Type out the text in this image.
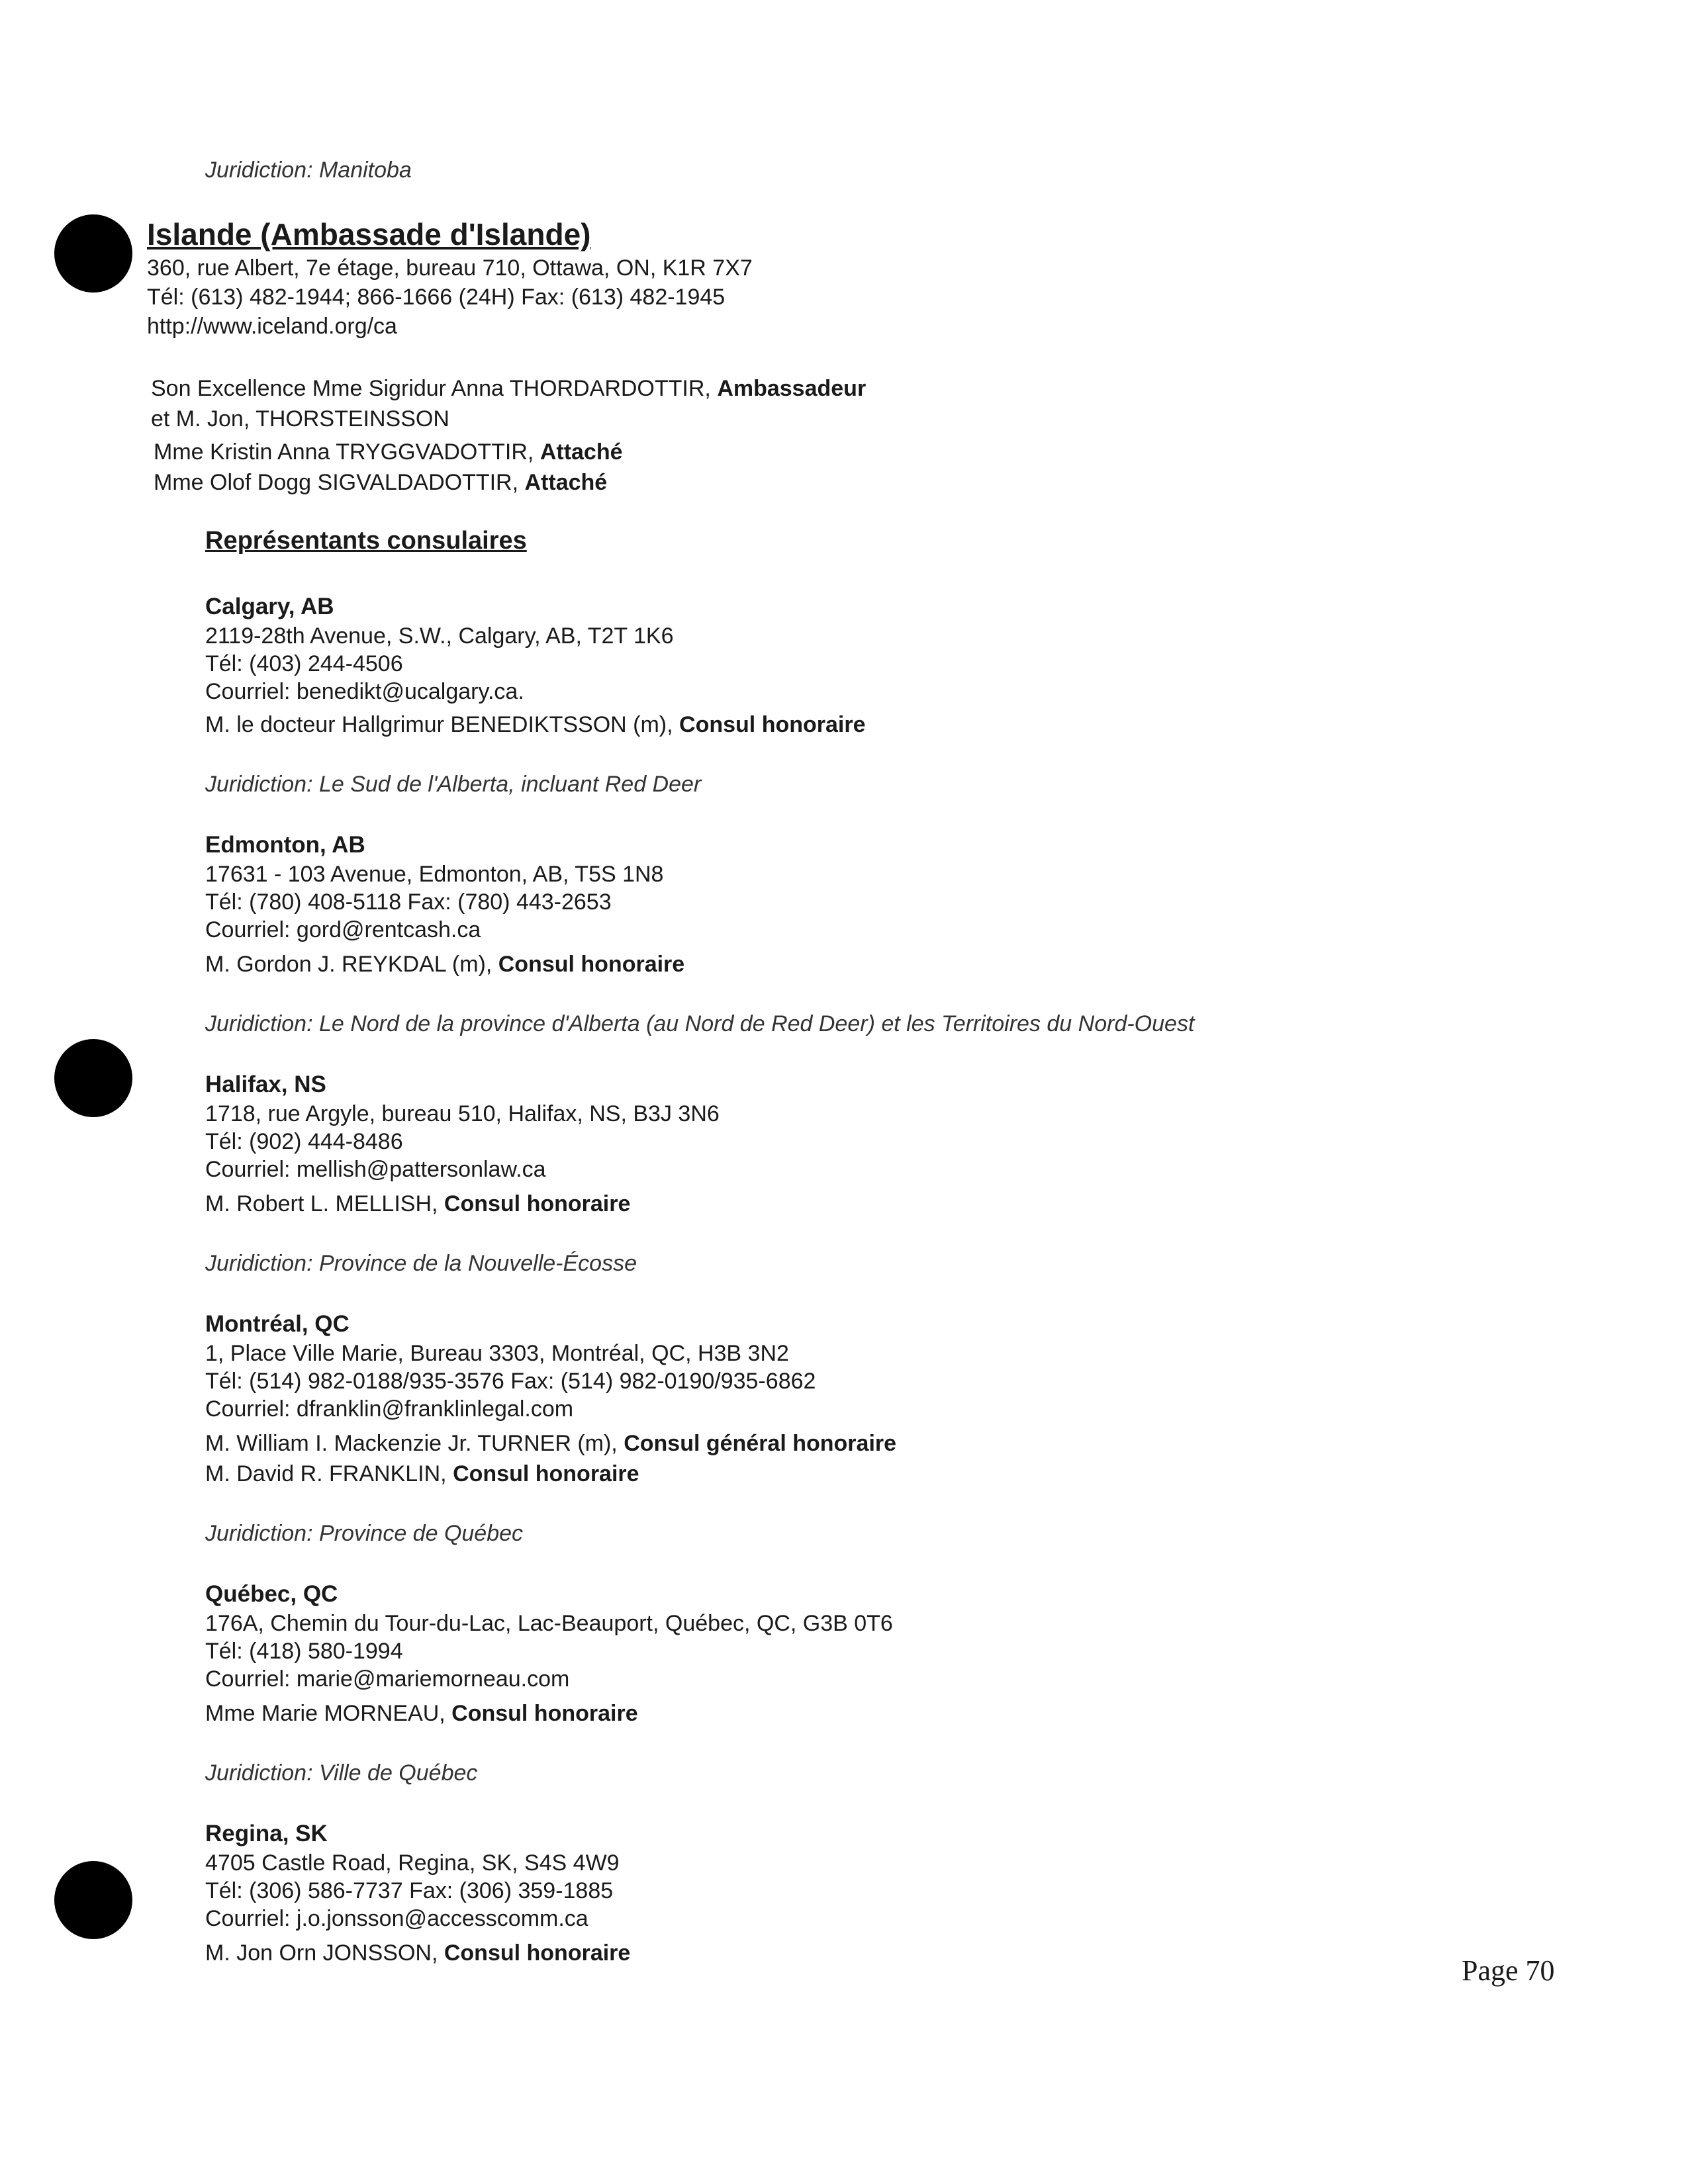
Juridiction: Manitoba
Islande (Ambassade d'Islande)
360, rue Albert, 7e étage, bureau 710, Ottawa, ON, K1R 7X7
Tél: (613) 482-1944; 866-1666 (24H) Fax: (613) 482-1945
http://www.iceland.org/ca
Son Excellence Mme Sigridur Anna THORDARDOTTIR, Ambassadeur
et M. Jon, THORSTEINSSON
Mme Kristin Anna TRYGGVADOTTIR, Attaché
Mme Olof Dogg SIGVALDADOTTIR, Attaché
Représentants consulaires
Calgary, AB
2119-28th Avenue, S.W., Calgary, AB, T2T 1K6
Tél: (403) 244-4506
Courriel: benedikt@ucalgary.ca.
M. le docteur Hallgrimur BENEDIKTSSON (m), Consul honoraire
Juridiction: Le Sud de l'Alberta, incluant Red Deer
Edmonton, AB
17631 - 103 Avenue, Edmonton, AB, T5S 1N8
Tél: (780) 408-5118 Fax: (780) 443-2653
Courriel: gord@rentcash.ca
M. Gordon J. REYKDAL (m), Consul honoraire
Juridiction: Le Nord de la province d'Alberta (au Nord de Red Deer) et les Territoires du Nord-Ouest
Halifax, NS
1718, rue Argyle, bureau 510, Halifax, NS, B3J 3N6
Tél: (902) 444-8486
Courriel: mellish@pattersonlaw.ca
M. Robert L. MELLISH, Consul honoraire
Juridiction: Province de la Nouvelle-Écosse
Montréal, QC
1, Place Ville Marie, Bureau 3303, Montréal, QC, H3B 3N2
Tél: (514) 982-0188/935-3576 Fax: (514) 982-0190/935-6862
Courriel: dfranklin@franklinlegal.com
M. William I. Mackenzie Jr. TURNER (m), Consul général honoraire
M. David R. FRANKLIN, Consul honoraire
Juridiction: Province de Québec
Québec, QC
176A, Chemin du Tour-du-Lac, Lac-Beauport, Québec, QC, G3B 0T6
Tél: (418) 580-1994
Courriel: marie@mariemorneau.com
Mme Marie MORNEAU, Consul honoraire
Juridiction: Ville de Québec
Regina, SK
4705 Castle Road, Regina, SK, S4S 4W9
Tél: (306) 586-7737 Fax: (306) 359-1885
Courriel: j.o.jonsson@accesscomm.ca
M. Jon Orn JONSSON, Consul honoraire
Page 70
